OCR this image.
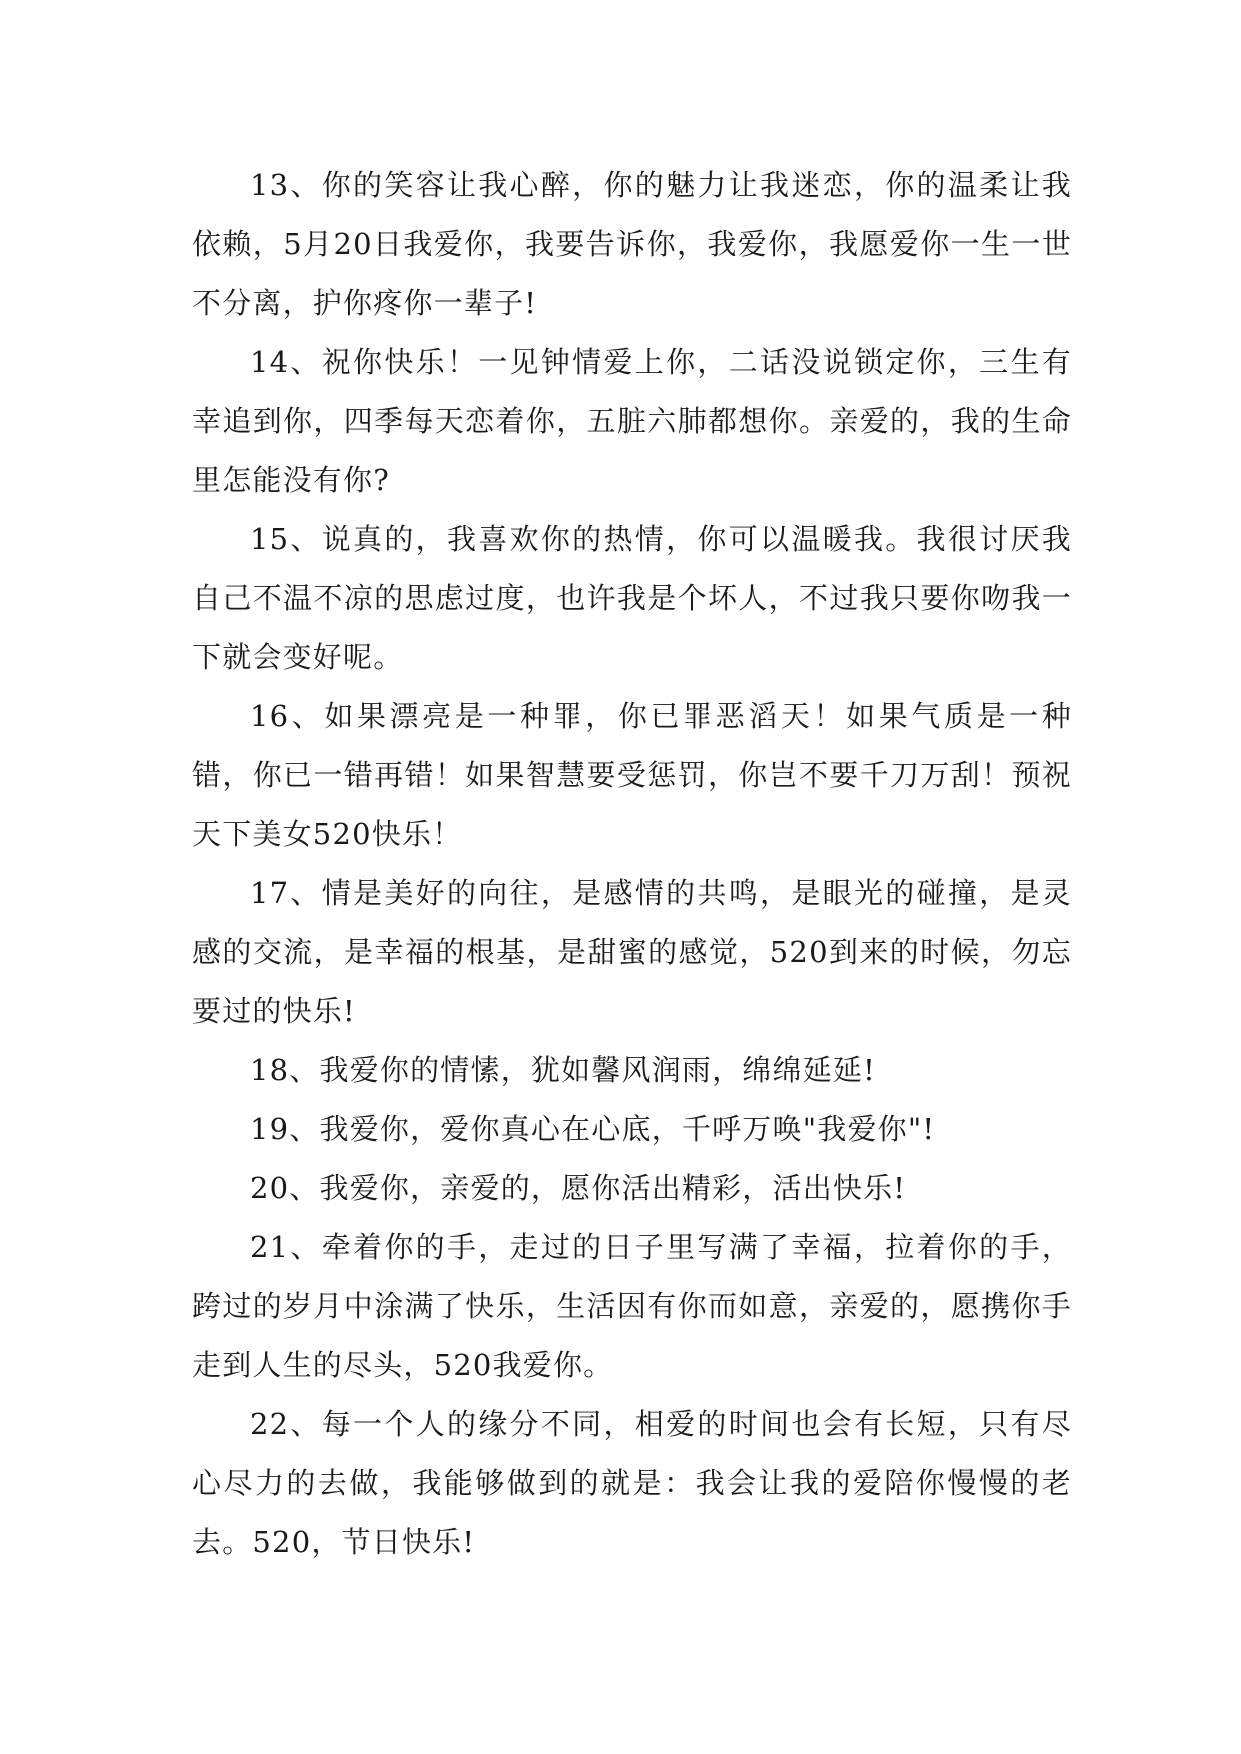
13、你的笑容让我心醉，你的魅力让我迷恋，你的温柔让我依赖，5月20日我爱你，我要告诉你，我爱你，我愿爱你一生一世不分离，护你疼你一辈子!

14、祝你快乐！一见钟情爱上你，二话没说锁定你，三生有幸追到你，四季每天恋着你，五脏六肺都想你。亲爱的，我的生命里怎能没有你?

15、说真的，我喜欢你的热情，你可以温暖我。我很讨厌我自己不温不凉的思虑过度，也许我是个坏人，不过我只要你吻我一下就会变好呢。

16、如果漂亮是一种罪，你已罪恶滔天！如果气质是一种错，你已一错再错！如果智慧要受惩罚，你岂不要千刀万刮！预祝天下美女520快乐！

17、情是美好的向往，是感情的共鸣，是眼光的碰撞，是灵感的交流，是幸福的根基，是甜蜜的感觉，520到来的时候，勿忘要过的快乐!

18、我爱你的情愫，犹如馨风润雨，绵绵延延!

19、我爱你，爱你真心在心底，千呼万唤"我爱你"!

20、我爱你，亲爱的，愿你活出精彩，活出快乐!

21、牵着你的手，走过的日子里写满了幸福，拉着你的手，跨过的岁月中涂满了快乐，生活因有你而如意，亲爱的，愿携你手走到人生的尽头，520我爱你。

22、每一个人的缘分不同，相爱的时间也会有长短，只有尽心尽力的去做，我能够做到的就是：我会让我的爱陪你慢慢的老去。520，节日快乐!
